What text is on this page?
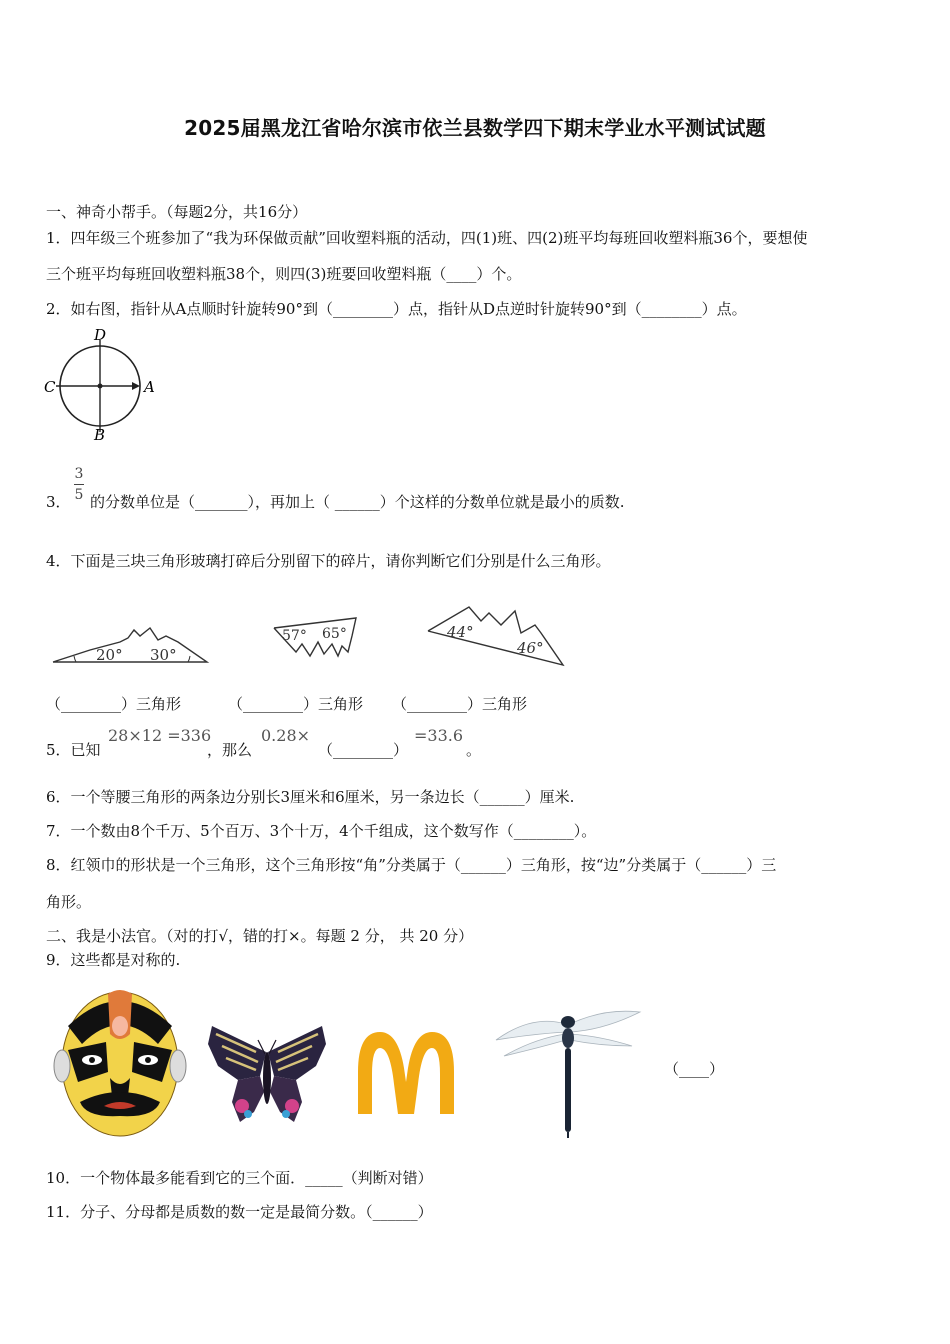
2025届黑龙江省哈尔滨市依兰县数学四下期末学业水平测试试题
一、神奇小帮手。（每题2分，共16分）
1．四年级三个班参加了“我为环保做贡献”回收塑料瓶的活动，四(1)班、四(2)班平均每班回收塑料瓶36个，要想使
三个班平均每班回收塑料瓶38个，则四(3)班要回收塑料瓶（____）个。
2．如右图，指针从A点顺时针旋转90°到（________）点，指针从D点逆时针旋转90°到（________）点。
D
C	A
B
3．
3
5 的分数单位是（_______），再加上（ ______）个这样的分数单位就是最小的质数.
4．下面是三块三角形玻璃打碎后分别留下的碎片，请你判断它们分别是什么三角形。
20° 30°
57° 65°	44°
46°
（________）三角形	（________）三角形 （________）三角形
5．已知
28×12 =336
，那么
0.28×
（________）
=33.6
。
6．一个等腰三角形的两条边分别长3厘米和6厘米，另一条边长（______）厘米.
7．一个数由8个千万、5个百万、3个十万，4个千组成，这个数写作（________）。
8．红领巾的形状是一个三角形，这个三角形按“角”分类属于（______）三角形，按“边”分类属于（______）三
角形。
二、我是小法官。（对的打√，错的打×。每题 2 分， 共 20 分）
9．这些都是对称的.
（____）
10．一个物体最多能看到它的三个面．_____（判断对错）
11．分子、分母都是质数的数一定是最简分数。（______）
